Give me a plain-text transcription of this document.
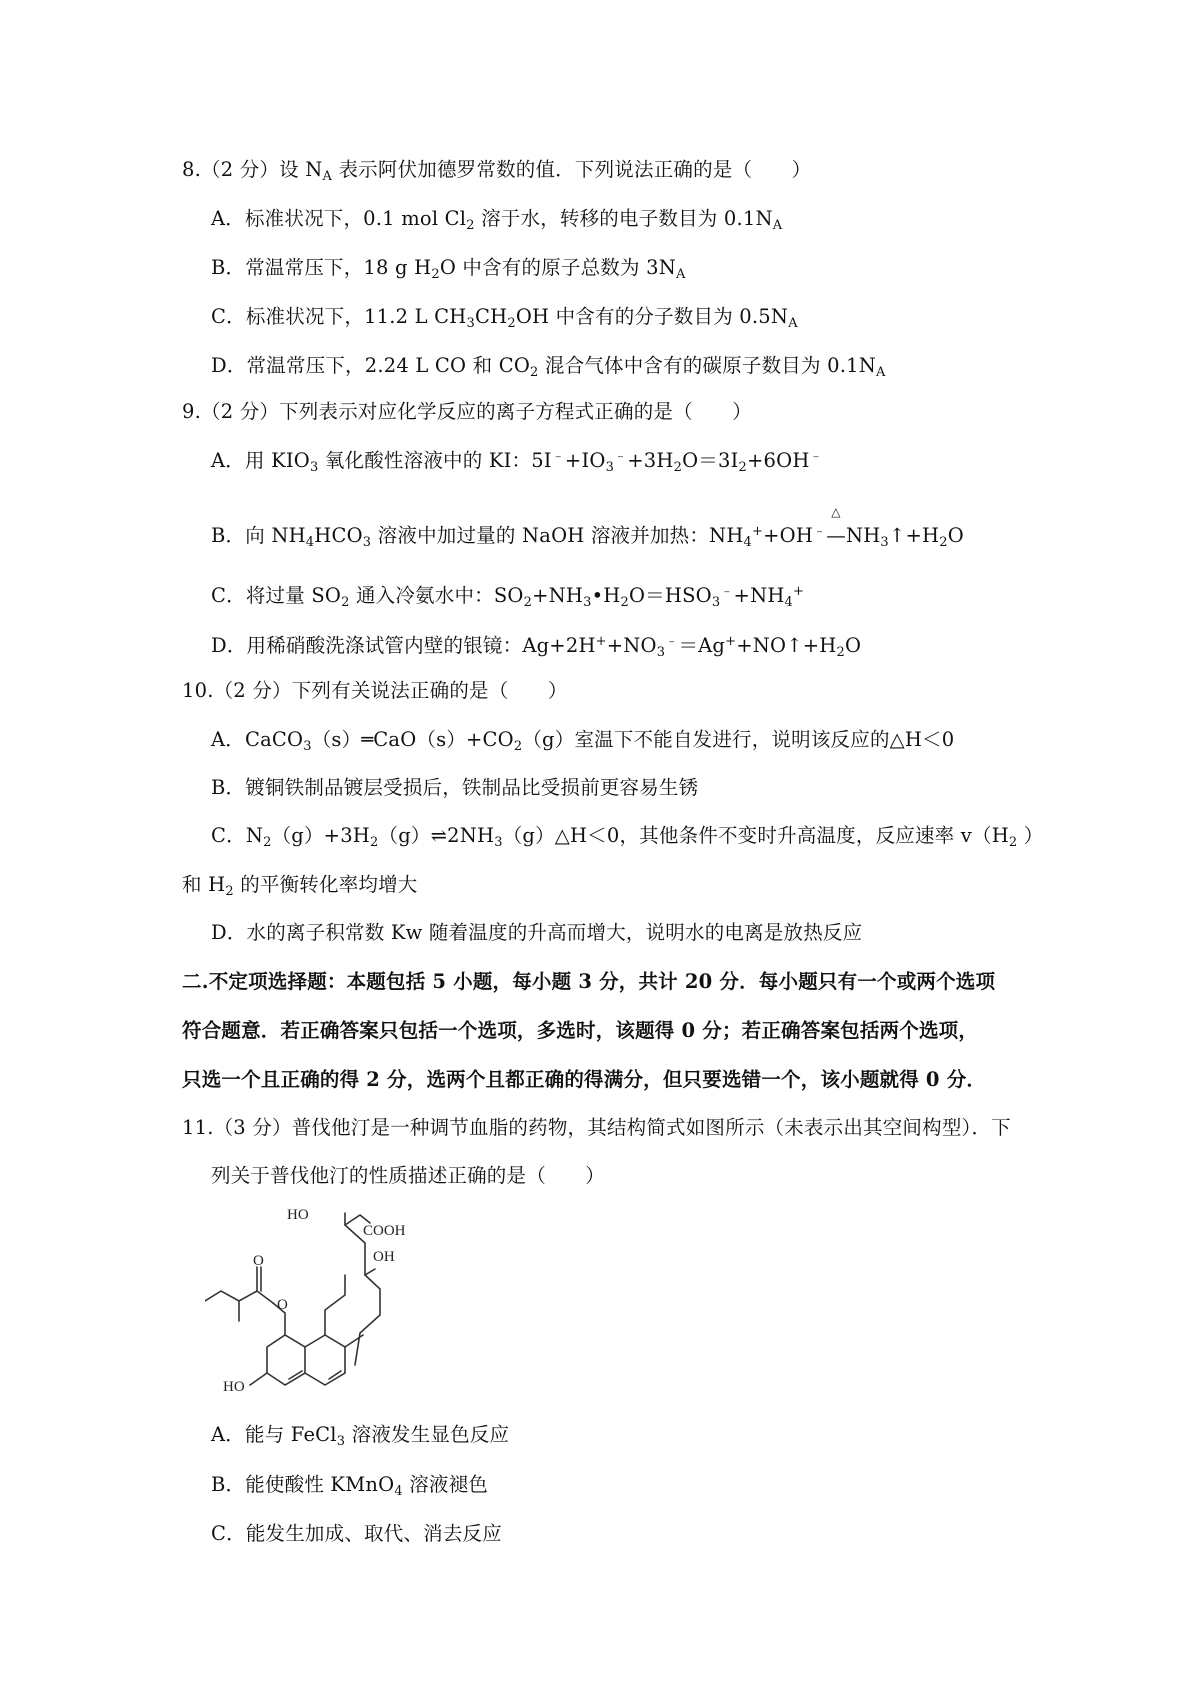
8.（2 分）设 $N_A$ 表示阿伏加德罗常数的值．下列说法正确的是（　　）
A．标准状况下，0.1 mol $Cl_2$ 溶于水，转移的电子数目为 $0.1N_A$
B．常温常压下，18 g $H_2O$ 中含有的原子总数为 $3N_A$
C．标准状况下，11.2 L $CH_3CH_2OH$ 中含有的分子数目为 $0.5N_A$
D．常温常压下，2.24 L CO 和 $CO_2$ 混合气体中含有的碳原子数目为 $0.1N_A$
9.（2 分）下列表示对应化学反应的离子方程式正确的是（　　）
A．用 $KIO_3$ 氧化酸性溶液中的 KI：$5I^﹣+IO_3^﹣+3H_2O=3I_2+6OH^﹣$
B．向 $NH_4HCO_3$ 溶液中加过量的 NaOH 溶液并加热：$NH_4^++OH^﹣$
△
$—NH_3↑+H_2O$
C．将过量 $SO_2$ 通入冷氨水中：$SO_2+NH_3•H_2O=HSO_3^﹣+NH_4^+$
D．用稀硝酸洗涤试管内壁的银镜：$Ag+2H^++NO_3^﹣=Ag^++NO↑+H_2O$
10.（2 分）下列有关说法正确的是（　　）
A．$CaCO_3(s)═CaO(s)+CO_2(g)$室温下不能自发进行，说明该反应的△H＜0
B．镀铜铁制品镀层受损后，铁制品比受损前更容易生锈
C．$N_2(g)+3H_2(g)\rightleftharpoons 2NH_3(g)\triangle H<0$，其他条件不变时升高温度，反应速率 $v(H_2$ ）
和 $H_2$ 的平衡转化率均增大
D．水的离子积常数 Kw 随着温度的升高而增大，说明水的电离是放热反应
二.不定项选择题：本题包括 5 小题，每小题 3 分，共计 20 分．每小题只有一个或两个选项
符合题意．若正确答案只包括一个选项，多选时，该题得 0 分；若正确答案包括两个选项，
只选一个且正确的得 2 分，选两个且都正确的得满分，但只要选错一个，该小题就得 0 分．
11.（3 分）普伐他汀是一种调节血脂的药物，其结构简式如图所示（未表示出其空间构型）．下
列关于普伐他汀的性质描述正确的是（　　）
HO
COOH
OH
O
O
HO
A．能与 FeCl$_3$ 溶液发生显色反应
B．能使酸性 KMnO$_4$ 溶液褪色
C．能发生加成、取代、消去反应
